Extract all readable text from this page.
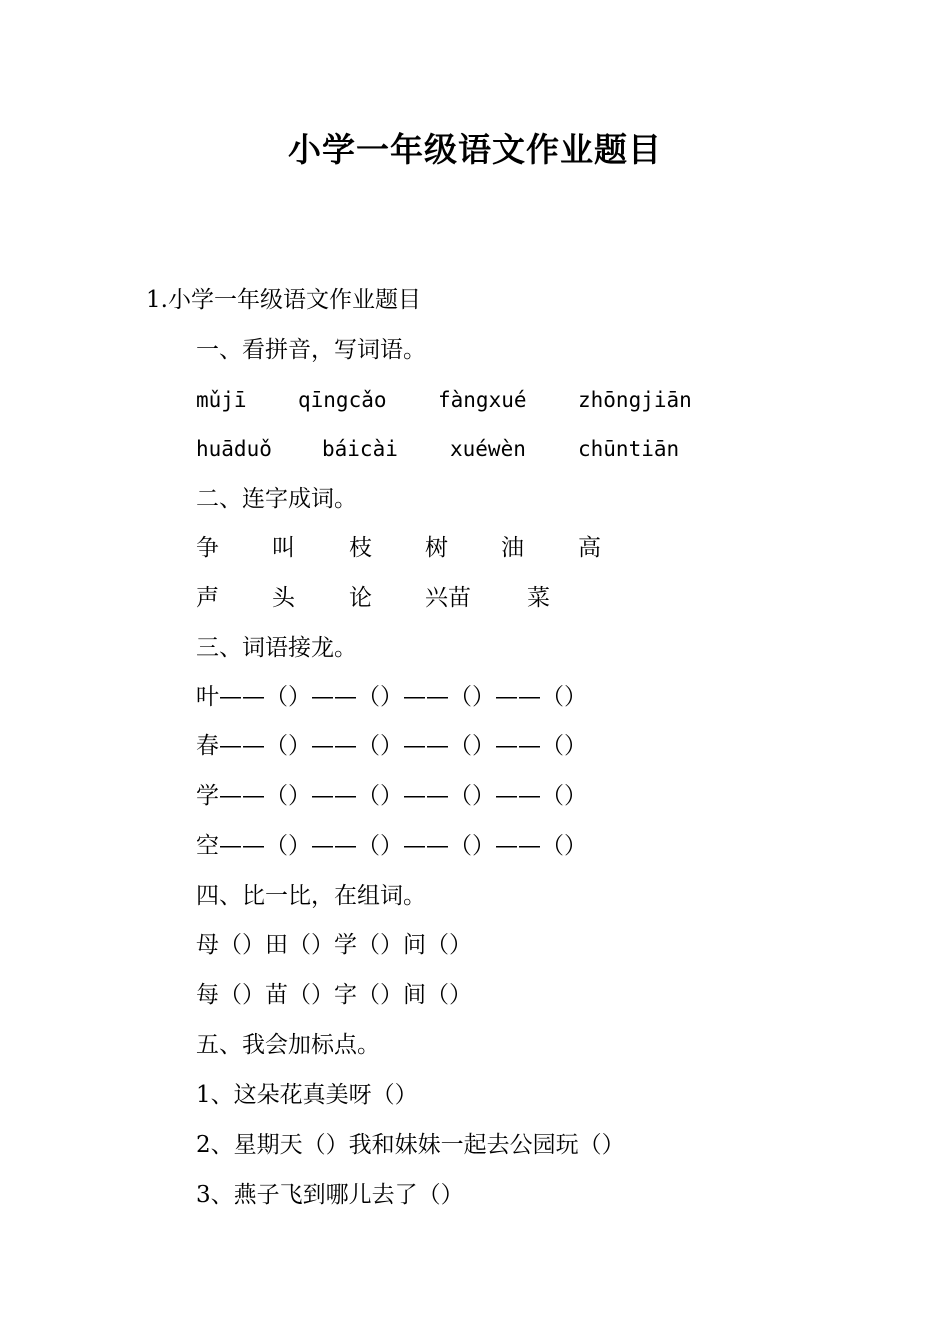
小学一年级语文作业题目
1.小学一年级语文作业题目
一、看拼音，写词语。
mǔjī qīngcǎo fàngxué zhōngjiān
huāduǒ báicài xuéwèn chūntiān
二、连字成词。
争 叫 枝 树 油 高
声 头 论 兴苗 菜
三、词语接龙。
叶——（）——（）——（）——（）
春——（）——（）——（）——（）
学——（）——（）——（）——（）
空——（）——（）——（）——（）
四、比一比，在组词。
母（）田（）学（）问（）
每（）苗（）字（）间（）
五、我会加标点。
1、这朵花真美呀（）
2、星期天（）我和妹妹一起去公园玩（）
3、燕子飞到哪儿去了（）
